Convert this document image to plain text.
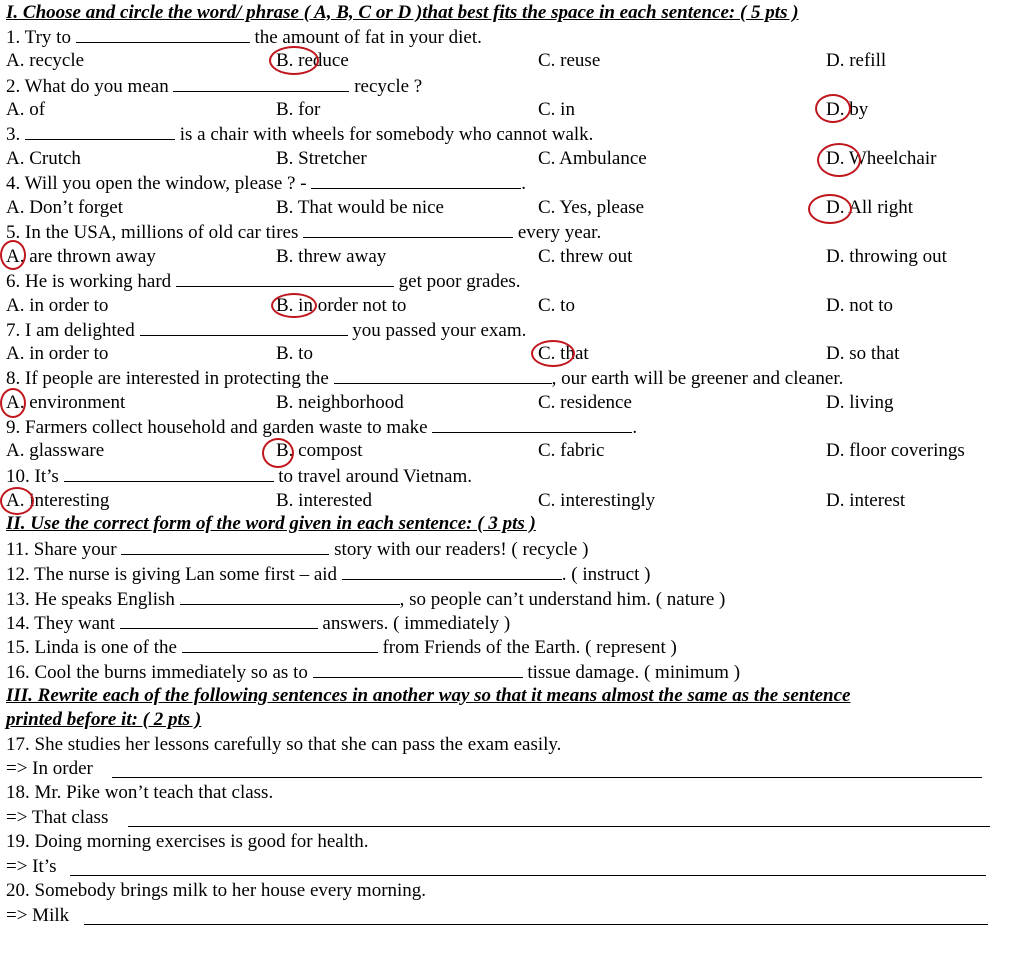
I. Choose and circle the word/ phrase ( A, B, C or D )that best fits the space in each sentence: ( 5 pts )
1. Try to	the amount of fat in your diet.
A. recycle	B. reduce	C. reuse	D. refill
2. What do you mean	recycle ?
A. of	B. for	C. in	D. by
3.	is a chair with wheels for somebody who cannot walk.
A. Crutch	B. Stretcher	C. Ambulance	D. Wheelchair
4. Will you open the window, please ? -	.
A. Don’t forget	B. That would be nice	C. Yes, please	D. All right
5. In the USA, millions of old car tires	every year.
A. are thrown away	B. threw away	C. threw out	D. throwing out
6. He is working hard	get poor grades.
A. in order to	B. in order not to	C. to	D. not to
7. I am delighted	you passed your exam.
A. in order to	B. to	C. that	D. so that
8. If people are interested in protecting the	, our earth will be greener and cleaner.
A. environment	B. neighborhood	C. residence	D. living
9. Farmers collect household and garden waste to make	.
A. glassware	B. compost	C. fabric	D. floor coverings
10. It’s	to travel around Vietnam.
A. interesting	B. interested	C. interestingly	D. interest
II. Use the correct form of the word given in each sentence: ( 3 pts )
11. Share your	story with our readers! ( recycle )
12. The nurse is giving Lan some first – aid	. ( instruct )
13. He speaks English	, so people can’t understand him. ( nature )
14. They want	answers. ( immediately )
15. Linda is one of the	from Friends of the Earth. ( represent )
16. Cool the burns immediately so as to	tissue damage. ( minimum )
III. Rewrite each of the following sentences in another way so that it means almost the same as the sentence
printed before it: ( 2 pts )
17. She studies her lessons carefully so that she can pass the exam easily.
=> In order
18. Mr. Pike won’t teach that class.
=> That class
19. Doing morning exercises is good for health.
=> It’s
20. Somebody brings milk to her house every morning.
=> Milk
